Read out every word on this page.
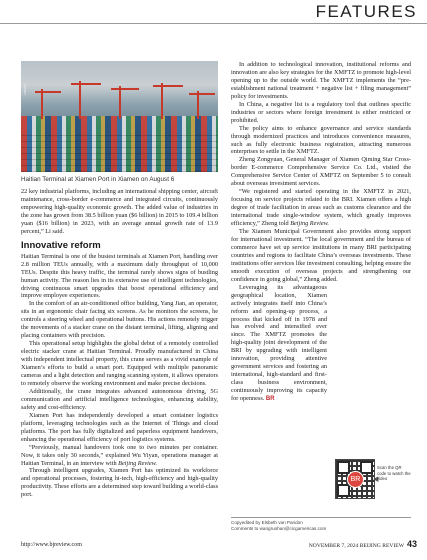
FEATURES
XINHUA
Haitian Terminal at Xiamen Port in Xiamen on August 6

22 key industrial platforms, including an international shipping center, aircraft maintenance, cross-border e-commerce and integrated circuits, continuously empowering high-quality economic growth. The added value of industries in the zone has grown from 38.5 billion yuan ($6 billion) in 2015 to 109.4 billion yuan ($16 billion) in 2023, with an average annual growth rate of 13.9 percent,” Li said.

Innovative reform

Haitian Terminal is one of the busiest terminals at Xiamen Port, handling over 2.8 million TEUs annually, with a maximum daily throughput of 10,000 TEUs. Despite this heavy traffic, the terminal rarely shows signs of bustling human activity. The reason lies in its extensive use of intelligent technologies, driving continuous smart upgrades that boost operational efficiency and improve employee experiences.

In the comfort of an air-conditioned office building, Yang Jian, an operator, sits in an ergonomic chair facing six screens. As he monitors the screens, he controls a steering wheel and operational buttons. His actions remotely trigger the movements of a stacker crane on the distant terminal, lifting, aligning and placing containers with precision.

This operational setup highlights the global debut of a remotely controlled electric stacker crane at Haitian Terminal. Proudly manufactured in China with independent intellectual property, this crane serves as a vivid example of Xiamen’s efforts to build a smart port. Equipped with multiple panoramic cameras and a light detection and ranging scanning system, it allows operators to remotely observe the working environment and make precise decisions.

Additionally, the crane integrates advanced autonomous driving, 5G communication and artificial intelligence technologies, enhancing stability, safety and cost-efficiency.

Xiamen Port has independently developed a smart container logistics platform, leveraging technologies such as the Internet of Things and cloud platforms. The port has fully digitalized and paperless equipment handovers, enhancing the operational efficiency of port logistics systems.

“Previously, manual handovers took one to two minutes per container. Now, it takes only 30 seconds,” explained Wu Yiyan, operations manager at Haitian Terminal, in an interview with Beijing Review.

Through intelligent upgrades, Xiamen Port has optimized its workforce and operational processes, fostering hi-tech, high-efficiency and high-quality productivity. These efforts are a determined step toward building a world-class port.

In addition to technological innovation, institutional reforms and innovation are also key strategies for the XMFTZ to promote high-level opening up to the outside world. The XMFTZ implements the “pre-establishment national treatment + negative list + filing management” policy for investments.

In China, a negative list is a regulatory tool that outlines specific industries or sectors where foreign investment is either restricted or prohibited.

The policy aims to enhance governance and service standards through modernized practices and introduces convenience measures, such as fully electronic business registration, attracting numerous enterprises to settle in the XMFTZ.

Zheng Zongyuan, General Manager of Xiamen Qiming Star Cross-border E-commerce Comprehensive Service Co. Ltd., visited the Comprehensive Service Center of XMFTZ on September 5 to consult about overseas investment services.

“We registered and started operating in the XMFTZ in 2021, focusing on service projects related to the BRI. Xiamen offers a high degree of trade facilitation in areas such as customs clearance and the international trade single-window system, which greatly improves efficiency,” Zheng told Beijing Review.

The Xiamen Municipal Government also provides strong support for international investment. “The local government and the bureau of commerce have set up service institutions in many BRI participating countries and regions to facilitate China’s overseas investments. These institutions offer services like investment consulting, helping ensure the smooth execution of overseas projects and strengthening our confidence in going global,” Zheng added.

Leveraging its advantageous geographical location, Xiamen actively integrates itself into China’s reform and opening-up process, a process that kicked off in 1978 and has evolved and intensified ever since. The XMFTZ promotes the high-quality joint development of the BRI by upgrading with intelligent innovation, providing attentive government services and fostering an international, high-standard and first-class business environment, continuously improving its capacity for openness. BR

BR	◀
Scan the QR code to watch the video
Copyedited by Elsbeth van Paridon
Comments to wangruohan@cicgamericas.com
http://www.bjreview.com	NOVEMBER 7, 2024 BEIJING REVIEW 43
